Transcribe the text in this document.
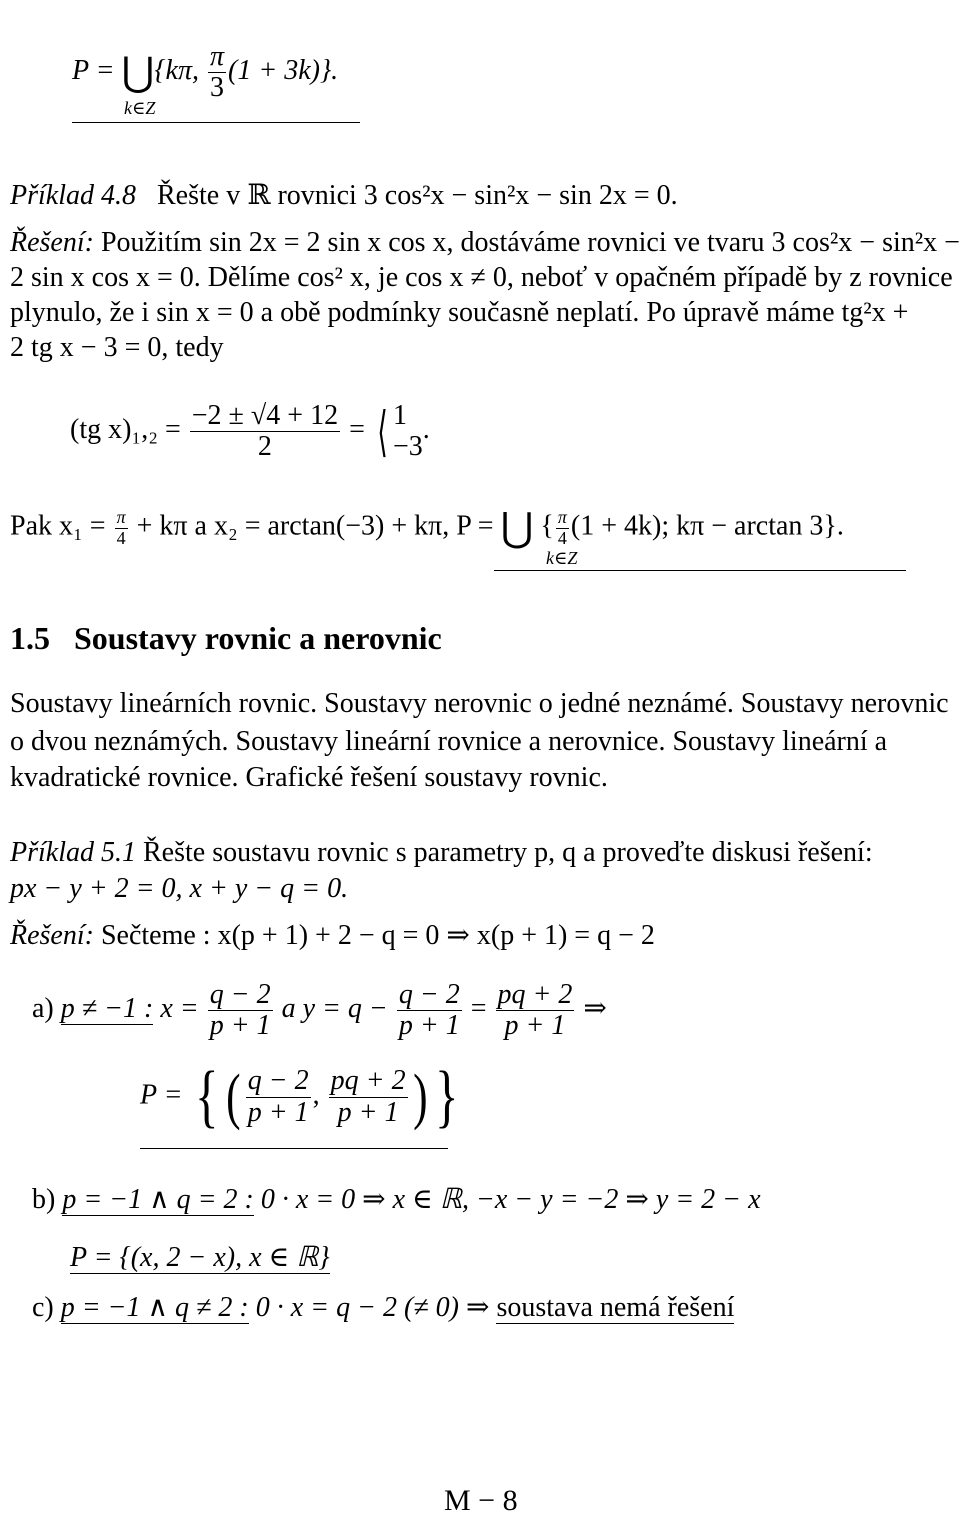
P = ⋃{kπ, $\frac{\pi}{3} (1 + 3k)$}.
k∈Z
Příklad 4.8 Řešte v ℝ rovnici 3 cos²x − sin²x − sin 2x = 0.
Řešení: Použitím sin 2x = 2 sin x cos x, dostáváme rovnici ve tvaru 3 cos²x − sin²x −
2 sin x cos x = 0. Dělíme cos² x, je cos x ≠ 0, neboť v opačném případě by z rovnice
plynulo, že i sin x = 0 a obě podmínky současně neplatí. Po úpravě máme tg²x +
2 tg x − 3 = 0, tedy
(tg $x)_1,_2 = \frac{-2 \pm √4 + 12}{2}$ = ⟨ 1
−3
.
Pak $x_1 = \frac{\pi}{4} + k\pi$ a x₂ = arctan(−3) + kπ, P = ⋃ { $\frac{\pi}{4} (1 + 4k)$; kπ − arctan 3}.
k∈Z
1.5 Soustavy rovnic a nerovnic
Soustavy lineárních rovnic. Soustavy nerovnic o jedné neznámé. Soustavy nerovnic
o dvou neznámých. Soustavy lineární rovnice a nerovnice. Soustavy lineární a
kvadratické rovnice. Grafické řešení soustavy rovnic.
Příklad 5.1 Řešte soustavu rovnic s parametry p, q a proveďte diskusi řešení:
px − y + 2 = 0, x + y − q = 0.
Řešení: Sečteme : x(p + 1) + 2 − q = 0 ⇒ x(p + 1) = q − 2
a) p ≠ −1 : $x = \frac{q - 2}{p + 1}$ a $y = q - \frac{q - 2}{p + 1} = \frac{pq + 2}{p + 1}$ ⇒
P = { ( $\frac{q - 2}{p + 1}$ , $\frac{pq + 2}{p + 1}$ ) }
b) p = −1 ∧ q = 2 : 0 · x = 0 ⇒ x ∈ ℝ, −x − y = −2 ⇒ y = 2 − x
P = {(x, 2 − x), x ∈ ℝ}
c) p = −1 ∧ q ≠ 2 : 0 · x = q − 2 (≠ 0) ⇒ soustava nemá řešení
M − 8
